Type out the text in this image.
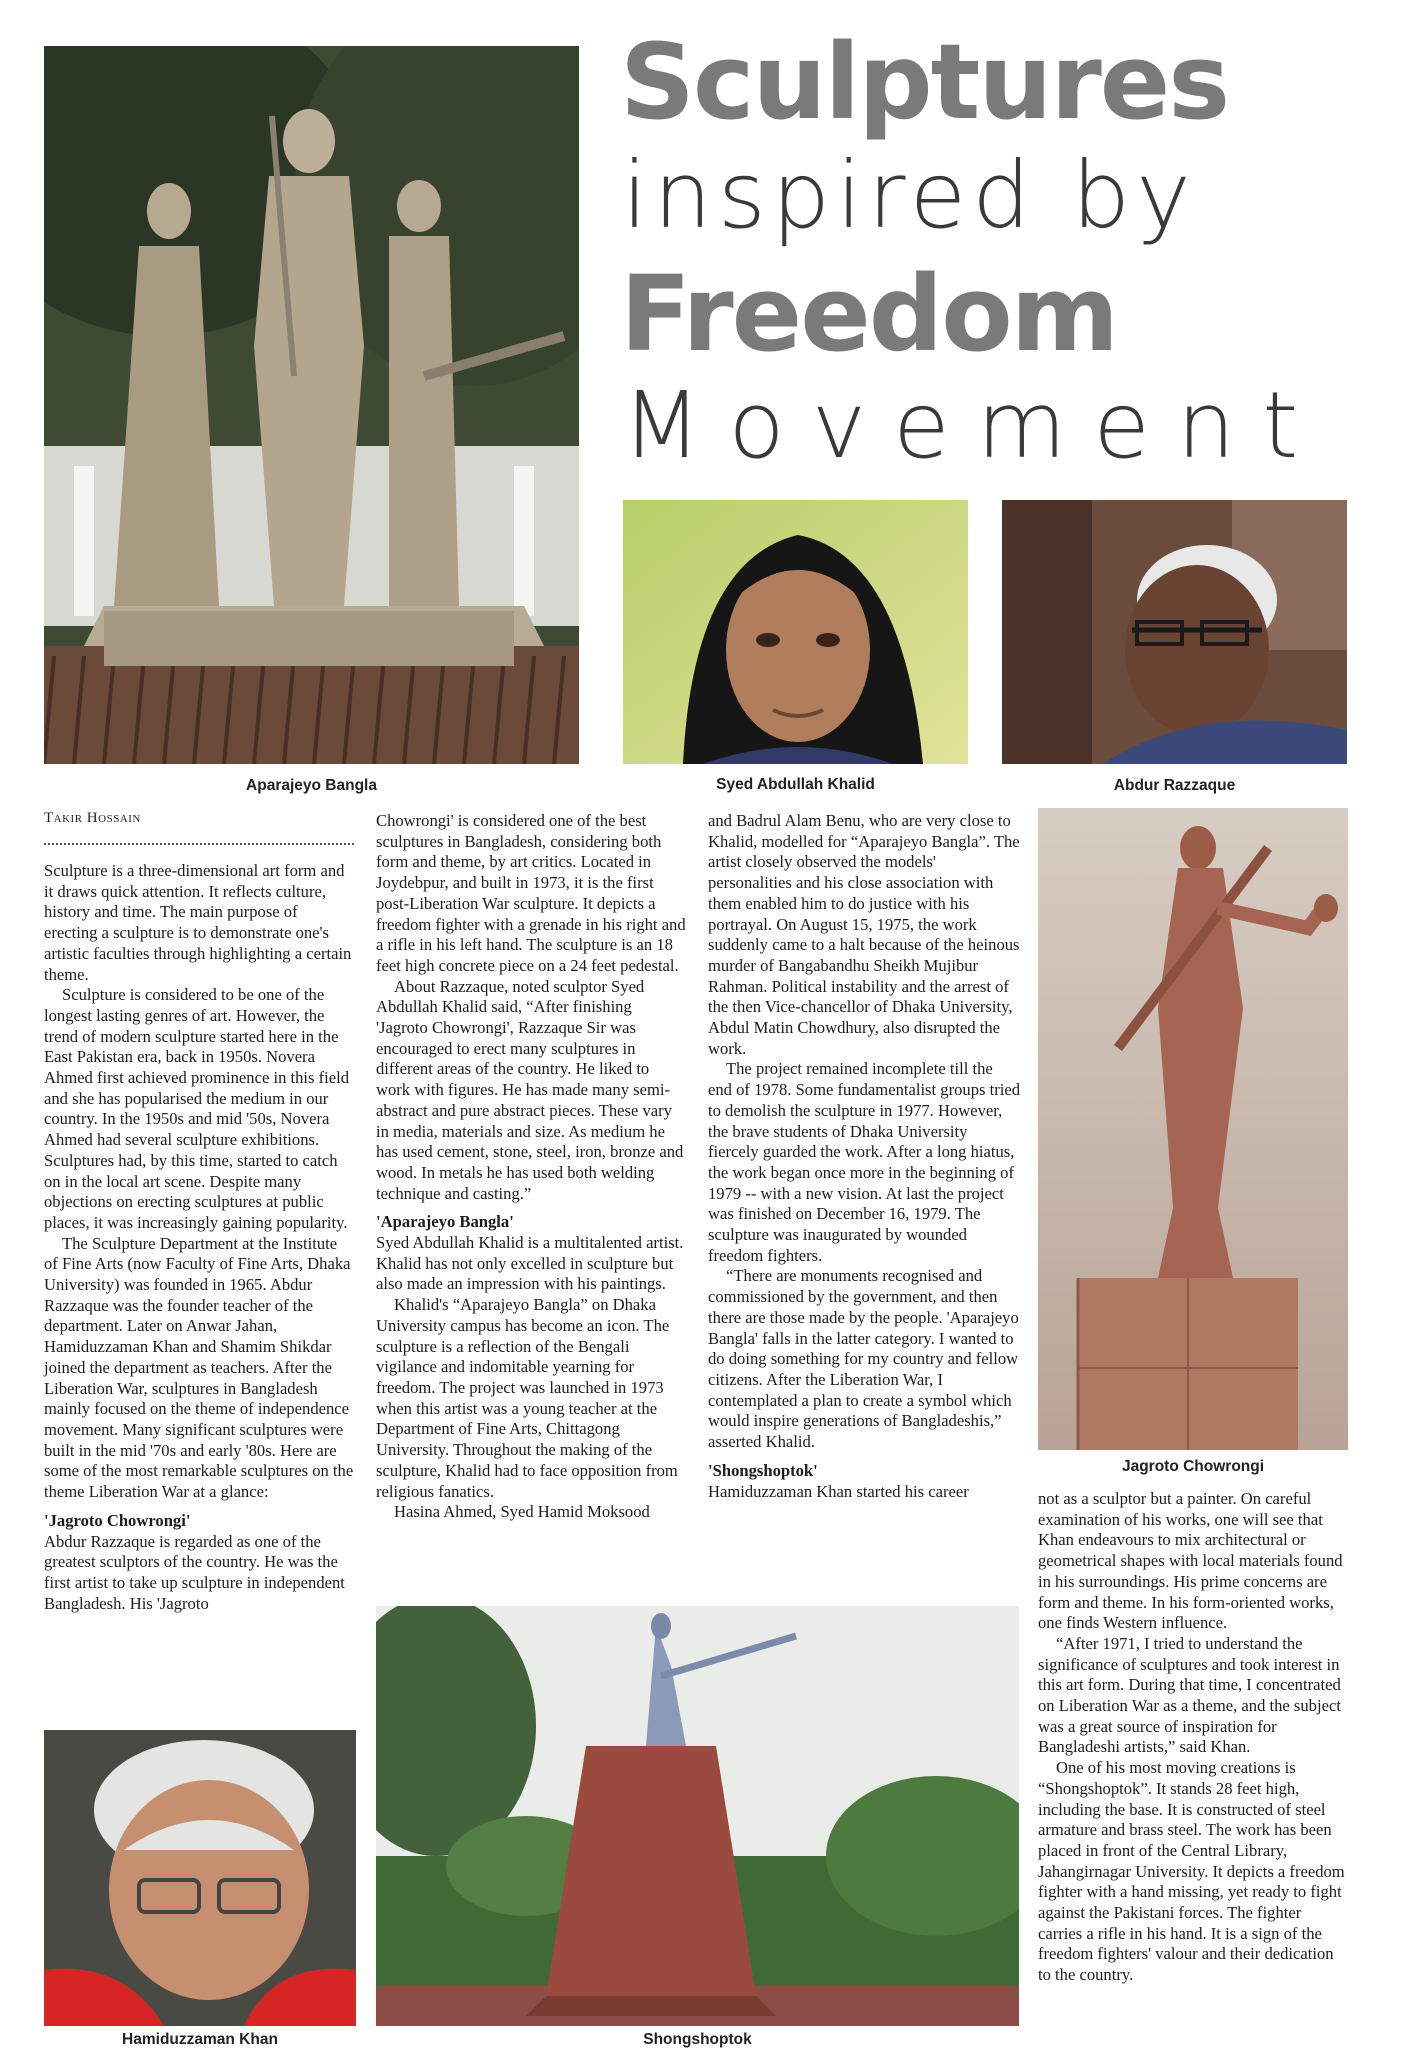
Sculptures
inspired by
Freedom
Movement
Aparajeyo Bangla	Syed Abdullah Khalid	Abdur Razzaque
Jagroto Chowrongi
Hamiduzzaman Khan	Shongshoptok
Takir Hossain

Sculpture is a three-dimensional art form and it draws quick attention. It reflects culture, history and time. The main purpose of erecting a sculpture is to demonstrate one's artistic faculties through highlighting a certain theme.

Sculpture is considered to be one of the longest lasting genres of art. However, the trend of modern sculpture started here in the East Pakistan era, back in 1950s. Novera Ahmed first achieved prominence in this field and she has popularised the medium in our country. In the 1950s and mid '50s, Novera Ahmed had several sculpture exhibitions. Sculptures had, by this time, started to catch on in the local art scene. Despite many objections on erecting sculptures at public places, it was increasingly gaining popularity.

The Sculpture Department at the Institute of Fine Arts (now Faculty of Fine Arts, Dhaka University) was founded in 1965. Abdur Razzaque was the founder teacher of the department. Later on Anwar Jahan, Hamiduzzaman Khan and Shamim Shikdar joined the department as teachers. After the Liberation War, sculptures in Bangladesh mainly focused on the theme of independence movement. Many significant sculptures were built in the mid '70s and early '80s. Here are some of the most remarkable sculptures on the theme Liberation War at a glance:

'Jagroto Chowrongi'

Abdur Razzaque is regarded as one of the greatest sculptors of the country. He was the first artist to take up sculpture in independent Bangladesh. His 'Jagroto

Chowrongi' is considered one of the best sculptures in Bangladesh, considering both form and theme, by art critics. Located in Joydebpur, and built in 1973, it is the first post-Liberation War sculpture. It depicts a freedom fighter with a grenade in his right and a rifle in his left hand. The sculpture is an 18 feet high concrete piece on a 24 feet pedestal.

About Razzaque, noted sculptor Syed Abdullah Khalid said, “After finishing 'Jagroto Chowrongi', Razzaque Sir was encouraged to erect many sculptures in different areas of the country. He liked to work with figures. He has made many semi-abstract and pure abstract pieces. These vary in media, materials and size. As medium he has used cement, stone, steel, iron, bronze and wood. In metals he has used both welding technique and casting.”

'Aparajeyo Bangla'

Syed Abdullah Khalid is a multitalented artist. Khalid has not only excelled in sculpture but also made an impression with his paintings.

Khalid's “Aparajeyo Bangla” on Dhaka University campus has become an icon. The sculpture is a reflection of the Bengali vigilance and indomitable yearning for freedom. The project was launched in 1973 when this artist was a young teacher at the Department of Fine Arts, Chittagong University. Throughout the making of the sculpture, Khalid had to face opposition from religious fanatics.

Hasina Ahmed, Syed Hamid Moksood

and Badrul Alam Benu, who are very close to Khalid, modelled for “Aparajeyo Bangla”. The artist closely observed the models' personalities and his close association with them enabled him to do justice with his portrayal. On August 15, 1975, the work suddenly came to a halt because of the heinous murder of Bangabandhu Sheikh Mujibur Rahman. Political instability and the arrest of the then Vice-chancellor of Dhaka University, Abdul Matin Chowdhury, also disrupted the work.

The project remained incomplete till the end of 1978. Some fundamentalist groups tried to demolish the sculpture in 1977. However, the brave students of Dhaka University fiercely guarded the work. After a long hiatus, the work began once more in the beginning of 1979 -- with a new vision. At last the project was finished on December 16, 1979. The sculpture was inaugurated by wounded freedom fighters.

“There are monuments recognised and commissioned by the government, and then there are those made by the people. 'Aparajeyo Bangla' falls in the latter category. I wanted to do doing something for my country and fellow citizens. After the Liberation War, I contemplated a plan to create a symbol which would inspire generations of Bangladeshis,” asserted Khalid.

'Shongshoptok'

Hamiduzzaman Khan started his career	not as a sculptor but a painter. On careful examination of his works, one will see that Khan endeavours to mix architectural or geometrical shapes with local materials found in his surroundings. His prime concerns are form and theme. In his form-oriented works, one finds Western influence.

“After 1971, I tried to understand the significance of sculptures and took interest in this art form. During that time, I concentrated on Liberation War as a theme, and the subject was a great source of inspiration for Bangladeshi artists,” said Khan.

One of his most moving creations is “Shongshoptok”. It stands 28 feet high, including the base. It is constructed of steel armature and brass steel. The work has been placed in front of the Central Library, Jahangirnagar University. It depicts a freedom fighter with a hand missing, yet ready to fight against the Pakistani forces. The fighter carries a rifle in his hand. It is a sign of the freedom fighters' valour and their dedication to the country.
